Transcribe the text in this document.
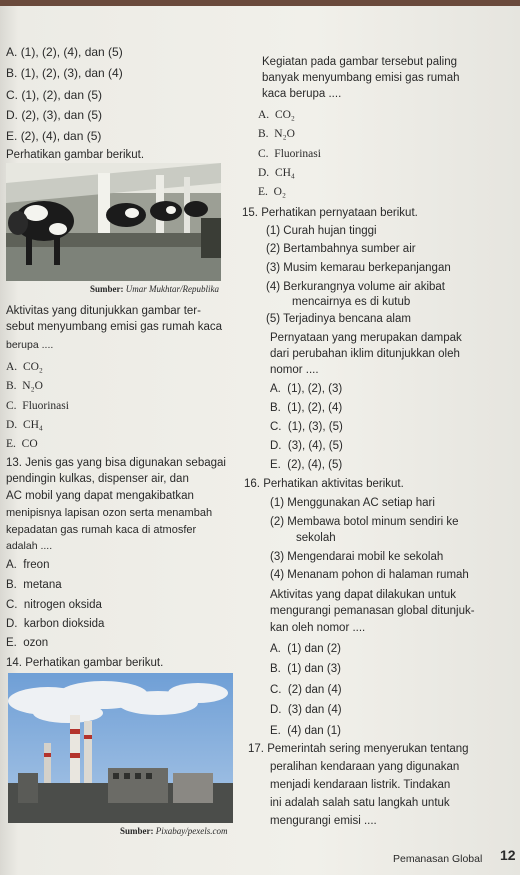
A. (1), (2), (4), dan (5)
B. (1), (2), (3), dan (4)
C. (1), (2), dan (5)
D. (2), (3), dan (5)
E. (2), (4), dan (5)
Perhatikan gambar berikut.
Sumber: Umar Mukhtar/Republika
Aktivitas yang ditunjukkan gambar ter-
sebut menyumbang emisi gas rumah kaca
berupa ....
A. CO₂
B. N₂O
C. Fluorinasi
D. CH₄
E. CO
13. Jenis gas yang bisa digunakan sebagai
pendingin kulkas, dispenser air, dan
AC mobil yang dapat mengakibatkan
menipisnya lapisan ozon serta menambah
kepadatan gas rumah kaca di atmosfer
adalah ....
A. freon
B. metana
C. nitrogen oksida
D. karbon dioksida
E. ozon
14. Perhatikan gambar berikut.
Sumber: Pixabay/pexels.com
Kegiatan pada gambar tersebut paling
banyak menyumbang emisi gas rumah
kaca berupa ....
A. CO₂
B. N₂O
C. Fluorinasi
D. CH₄
E. O₂
15. Perhatikan pernyataan berikut.
(1) Curah hujan tinggi
(2) Bertambahnya sumber air
(3) Musim kemarau berkepanjangan
(4) Berkurangnya volume air akibat
mencairnya es di kutub
(5) Terjadinya bencana alam
Pernyataan yang merupakan dampak
dari perubahan iklim ditunjukkan oleh
nomor ....
A. (1), (2), (3)
B. (1), (2), (4)
C. (1), (3), (5)
D. (3), (4), (5)
E. (2), (4), (5)
16. Perhatikan aktivitas berikut.
(1) Menggunakan AC setiap hari
(2) Membawa botol minum sendiri ke
sekolah
(3) Mengendarai mobil ke sekolah
(4) Menanam pohon di halaman rumah
Aktivitas yang dapat dilakukan untuk
mengurangi pemanasan global ditunjuk-
kan oleh nomor ....
A. (1) dan (2)
B. (1) dan (3)
C. (2) dan (4)
D. (3) dan (4)
E. (4) dan (1)
17. Pemerintah sering menyerukan tentang
peralihan kendaraan yang digunakan
menjadi kendaraan listrik. Tindakan
ini adalah salah satu langkah untuk
mengurangi emisi ....
Pemanasan Global 12
